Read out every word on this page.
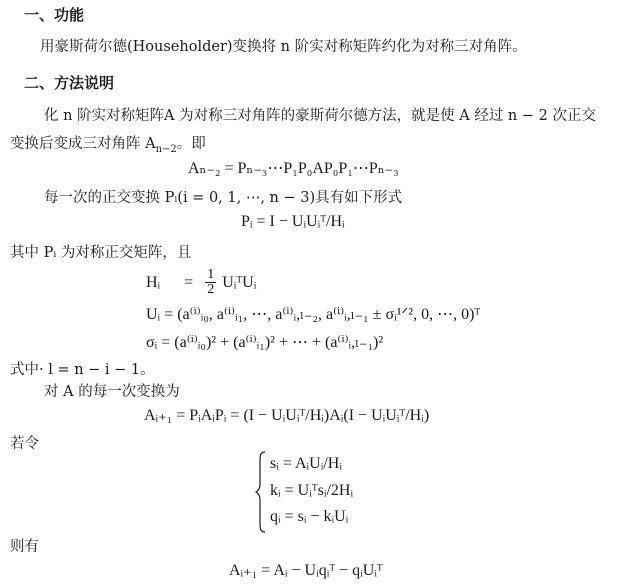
一、功能
用豪斯荷尔德(Householder)变换将 n 阶实对称矩阵约化为对称三对角阵。
二、方法说明
化 n 阶实对称矩阵A 为对称三对角阵的豪斯荷尔德方法，就是使 A 经过 n − 2 次正交
变换后变成三对角阵 $A_{n-2}$。即
Aₙ₋₂ = Pₙ₋₃⋯P₁P₀AP₀P₁⋯Pₙ₋₃
每一次的正交变换 Pᵢ(i = 0, 1, ⋯, n − 3)具有如下形式
Pᵢ = I − UᵢUᵢᵀ/Hᵢ
其中 Pᵢ 为对称正交矩阵，且
Hᵢ = $\frac{1}{2}$ UᵢᵀUᵢ
Uᵢ = (a⁽ⁱ⁾ᵢ₀, a⁽ⁱ⁾ᵢ₁, ⋯, a⁽ⁱ⁾ᵢ,ₗ₋₂, a⁽ⁱ⁾ᵢ,ₗ₋₁ ± σᵢ¹ᐟ², 0, ⋯, 0)ᵀ
σᵢ = (a⁽ⁱ⁾ᵢ₀)² + (a⁽ⁱ⁾ᵢ₁)² + ⋯ + (a⁽ⁱ⁾ᵢ,ₗ₋₁)²
式中· l = n − i − 1。
对 A 的每一次变换为
Aᵢ₊₁ = PᵢAᵢPᵢ = (I − UᵢUᵢᵀ/Hᵢ)Aᵢ(I − UᵢUᵢᵀ/Hᵢ)
若令
sᵢ = AᵢUᵢ/Hᵢ
kᵢ = Uᵢᵀsᵢ/2Hᵢ
qᵢ = sᵢ − kᵢUᵢ
则有
Aᵢ₊₁ = Aᵢ − Uᵢqᵢᵀ − qᵢUᵢᵀ
